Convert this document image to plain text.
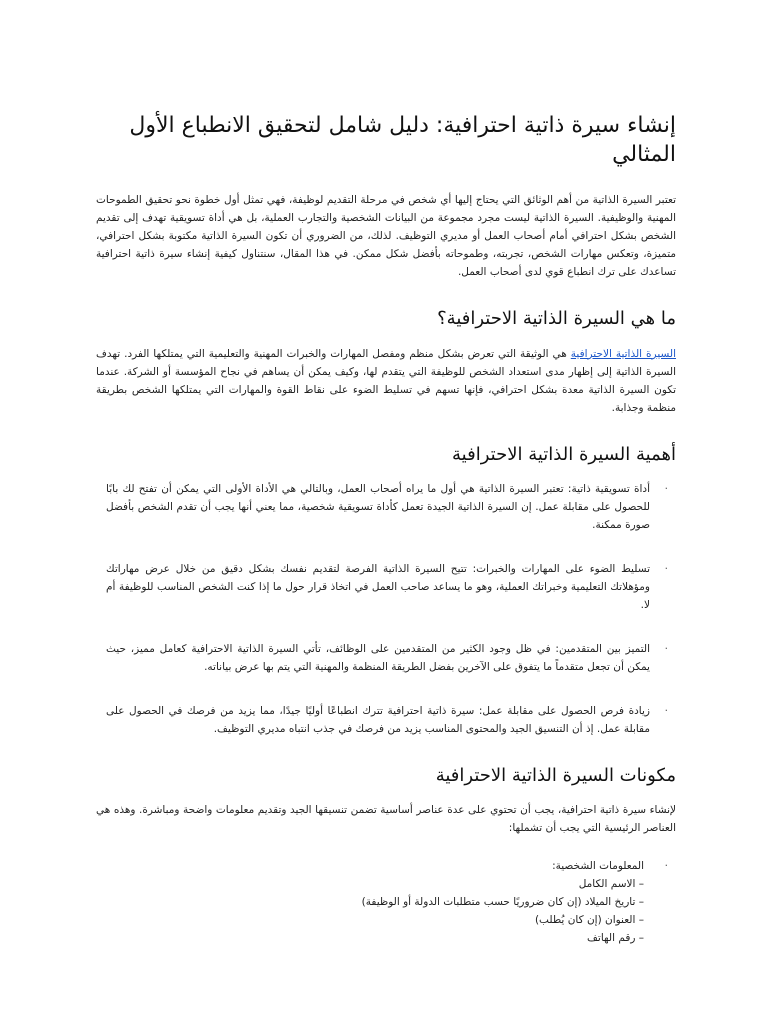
إنشاء سيرة ذاتية احترافية: دليل شامل لتحقيق الانطباع الأول المثالي

تعتبر السيرة الذاتية من أهم الوثائق التي يحتاج إليها أي شخص في مرحلة التقديم لوظيفة، فهي تمثل أول خطوة نحو تحقيق الطموحات المهنية والوظيفية. السيرة الذاتية ليست مجرد مجموعة من البيانات الشخصية والتجارب العملية، بل هي أداة تسويقية تهدف إلى تقديم الشخص بشكل احترافي أمام أصحاب العمل أو مديري التوظيف. لذلك، من الضروري أن تكون السيرة الذاتية مكتوبة بشكل احترافي، متميزة، وتعكس مهارات الشخص، تجربته، وطموحاته بأفضل شكل ممكن. في هذا المقال، سنتناول كيفية إنشاء سيرة ذاتية احترافية تساعدك على ترك انطباع قوي لدى أصحاب العمل.

ما هي السيرة الذاتية الاحترافية؟

السيرة الذاتية الاحترافية هي الوثيقة التي تعرض بشكل منظم ومفصل المهارات والخبرات المهنية والتعليمية التي يمتلكها الفرد. تهدف السيرة الذاتية إلى إظهار مدى استعداد الشخص للوظيفة التي يتقدم لها، وكيف يمكن أن يساهم في نجاح المؤسسة أو الشركة. عندما تكون السيرة الذاتية معدة بشكل احترافي، فإنها تسهم في تسليط الضوء على نقاط القوة والمهارات التي يمتلكها الشخص بطريقة منظمة وجذابة.

أهمية السيرة الذاتية الاحترافية
· أداة تسويقية ذاتية: تعتبر السيرة الذاتية هي أول ما يراه أصحاب العمل، وبالتالي هي الأداة الأولى التي يمكن أن تفتح لك بابًا للحصول على مقابلة عمل. إن السيرة الذاتية الجيدة تعمل كأداة تسويقية شخصية، مما يعني أنها يجب أن تقدم الشخص بأفضل صورة ممكنة.
· تسليط الضوء على المهارات والخبرات: تتيح السيرة الذاتية الفرصة لتقديم نفسك بشكل دقيق من خلال عرض مهاراتك ومؤهلاتك التعليمية وخبراتك العملية، وهو ما يساعد صاحب العمل في اتخاذ قرار حول ما إذا كنت الشخص المناسب للوظيفة أم لا.
· التميز بين المتقدمين: في ظل وجود الكثير من المتقدمين على الوظائف، تأتي السيرة الذاتية الاحترافية كعامل مميز، حيث يمكن أن تجعل متقدماً ما يتفوق على الآخرين بفضل الطريقة المنظمة والمهنية التي يتم بها عرض بياناته.
· زيادة فرص الحصول على مقابلة عمل: سيرة ذاتية احترافية تترك انطباعًا أوليًا جيدًا، مما يزيد من فرصك في الحصول على مقابلة عمل. إذ أن التنسيق الجيد والمحتوى المناسب يزيد من فرصك في جذب انتباه مديري التوظيف.
مكونات السيرة الذاتية الاحترافية

لإنشاء سيرة ذاتية احترافية، يجب أن تحتوي على عدة عناصر أساسية تضمن تنسيقها الجيد وتقديم معلومات واضحة ومباشرة. وهذه هي العناصر الرئيسية التي يجب أن تشملها:

· المعلومات الشخصية:
– الاسم الكامل
– تاريخ الميلاد (إن كان ضروريًا حسب متطلبات الدولة أو الوظيفة)
– العنوان (إن كان يُطلب)
– رقم الهاتف
